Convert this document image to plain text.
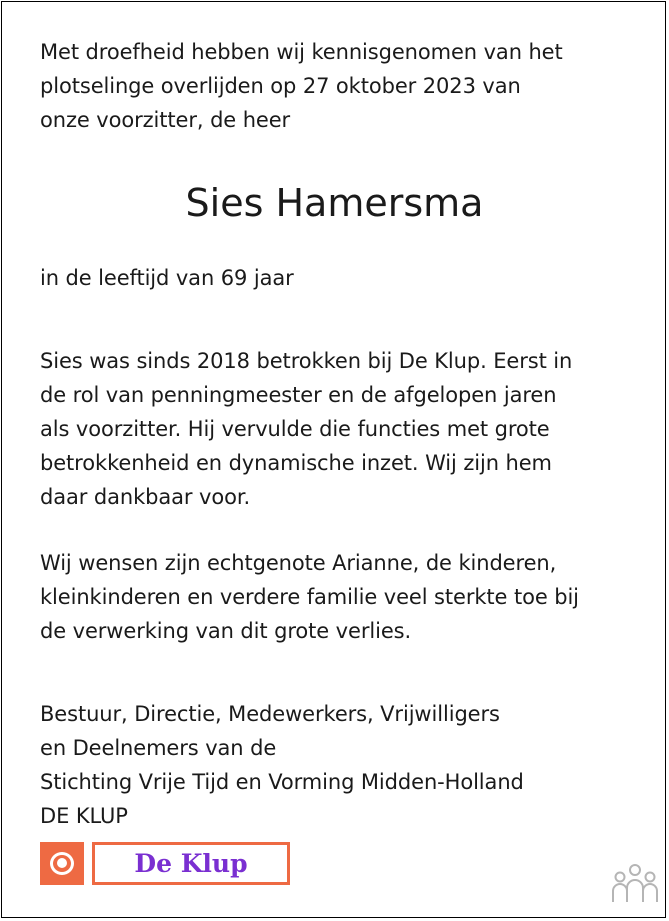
Met droefheid hebben wij kennisgenomen van het
plotselinge overlijden op 27 oktober 2023 van
onze voorzitter, de heer
Sies Hamersma
in de leeftijd van 69 jaar
Sies was sinds 2018 betrokken bij De Klup. Eerst in
de rol van penningmeester en de afgelopen jaren
als voorzitter. Hij vervulde die functies met grote
betrokkenheid en dynamische inzet. Wij zijn hem
daar dankbaar voor.
Wij wensen zijn echtgenote Arianne, de kinderen,
kleinkinderen en verdere familie veel sterkte toe bij
de verwerking van dit grote verlies.
Bestuur, Directie, Medewerkers, Vrijwilligers
en Deelnemers van de
Stichting Vrije Tijd en Vorming Midden-Holland
DE KLUP
De Klup
